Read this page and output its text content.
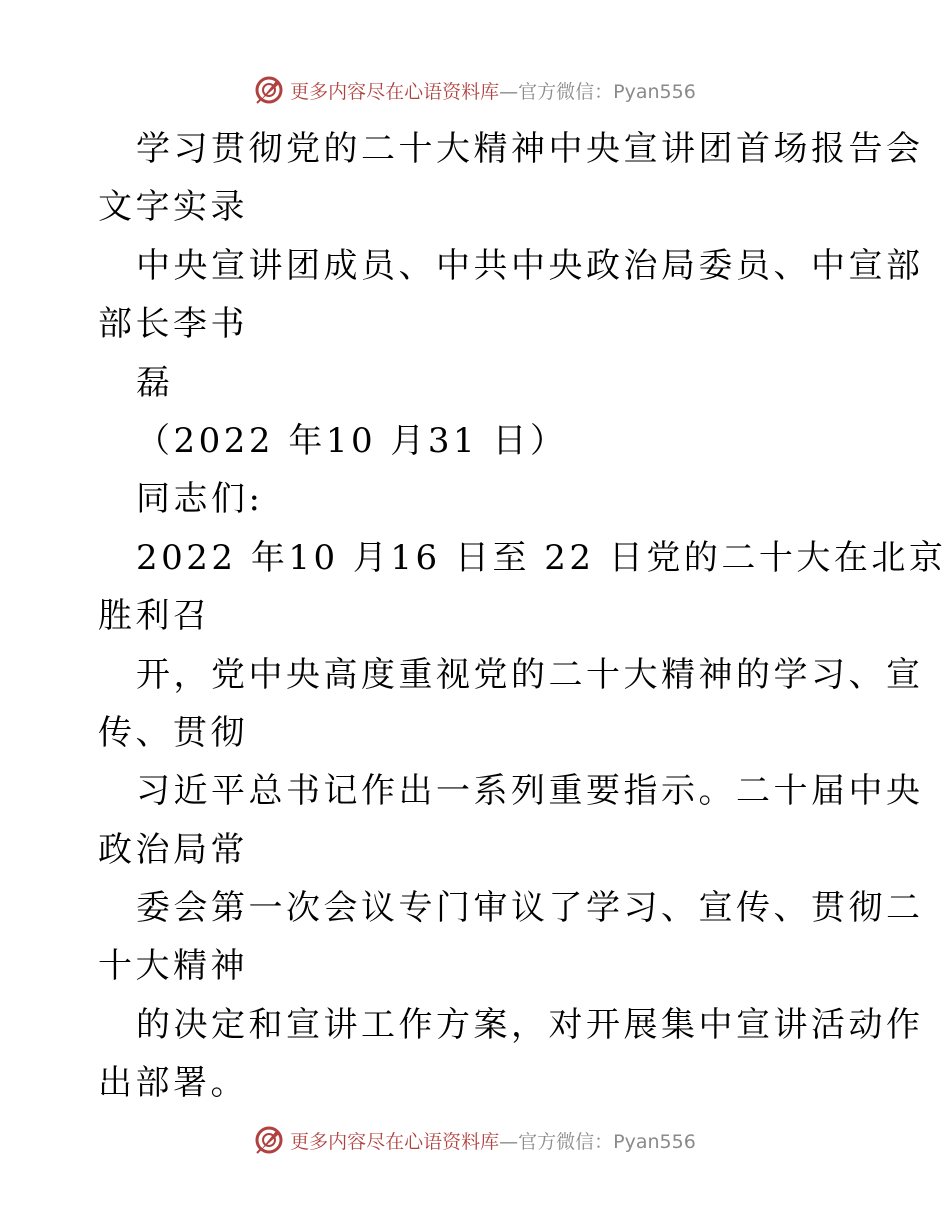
更多内容尽在心语资料库—官方微信：Pyan556
学习贯彻党的二十大精神中央宣讲团首场报告会
文字实录
中央宣讲团成员、中共中央政治局委员、中宣部
部长李书
磊
（2022 年10 月31 日）
同志们:
2022 年10 月16 日至 22 日党的二十大在北京
胜利召
开，党中央高度重视党的二十大精神的学习、宣
传、贯彻
习近平总书记作出一系列重要指示。二十届中央
政治局常
委会第一次会议专门审议了学习、宣传、贯彻二
十大精神
的决定和宣讲工作方案，对开展集中宣讲活动作
出部署。
更多内容尽在心语资料库—官方微信：Pyan556
